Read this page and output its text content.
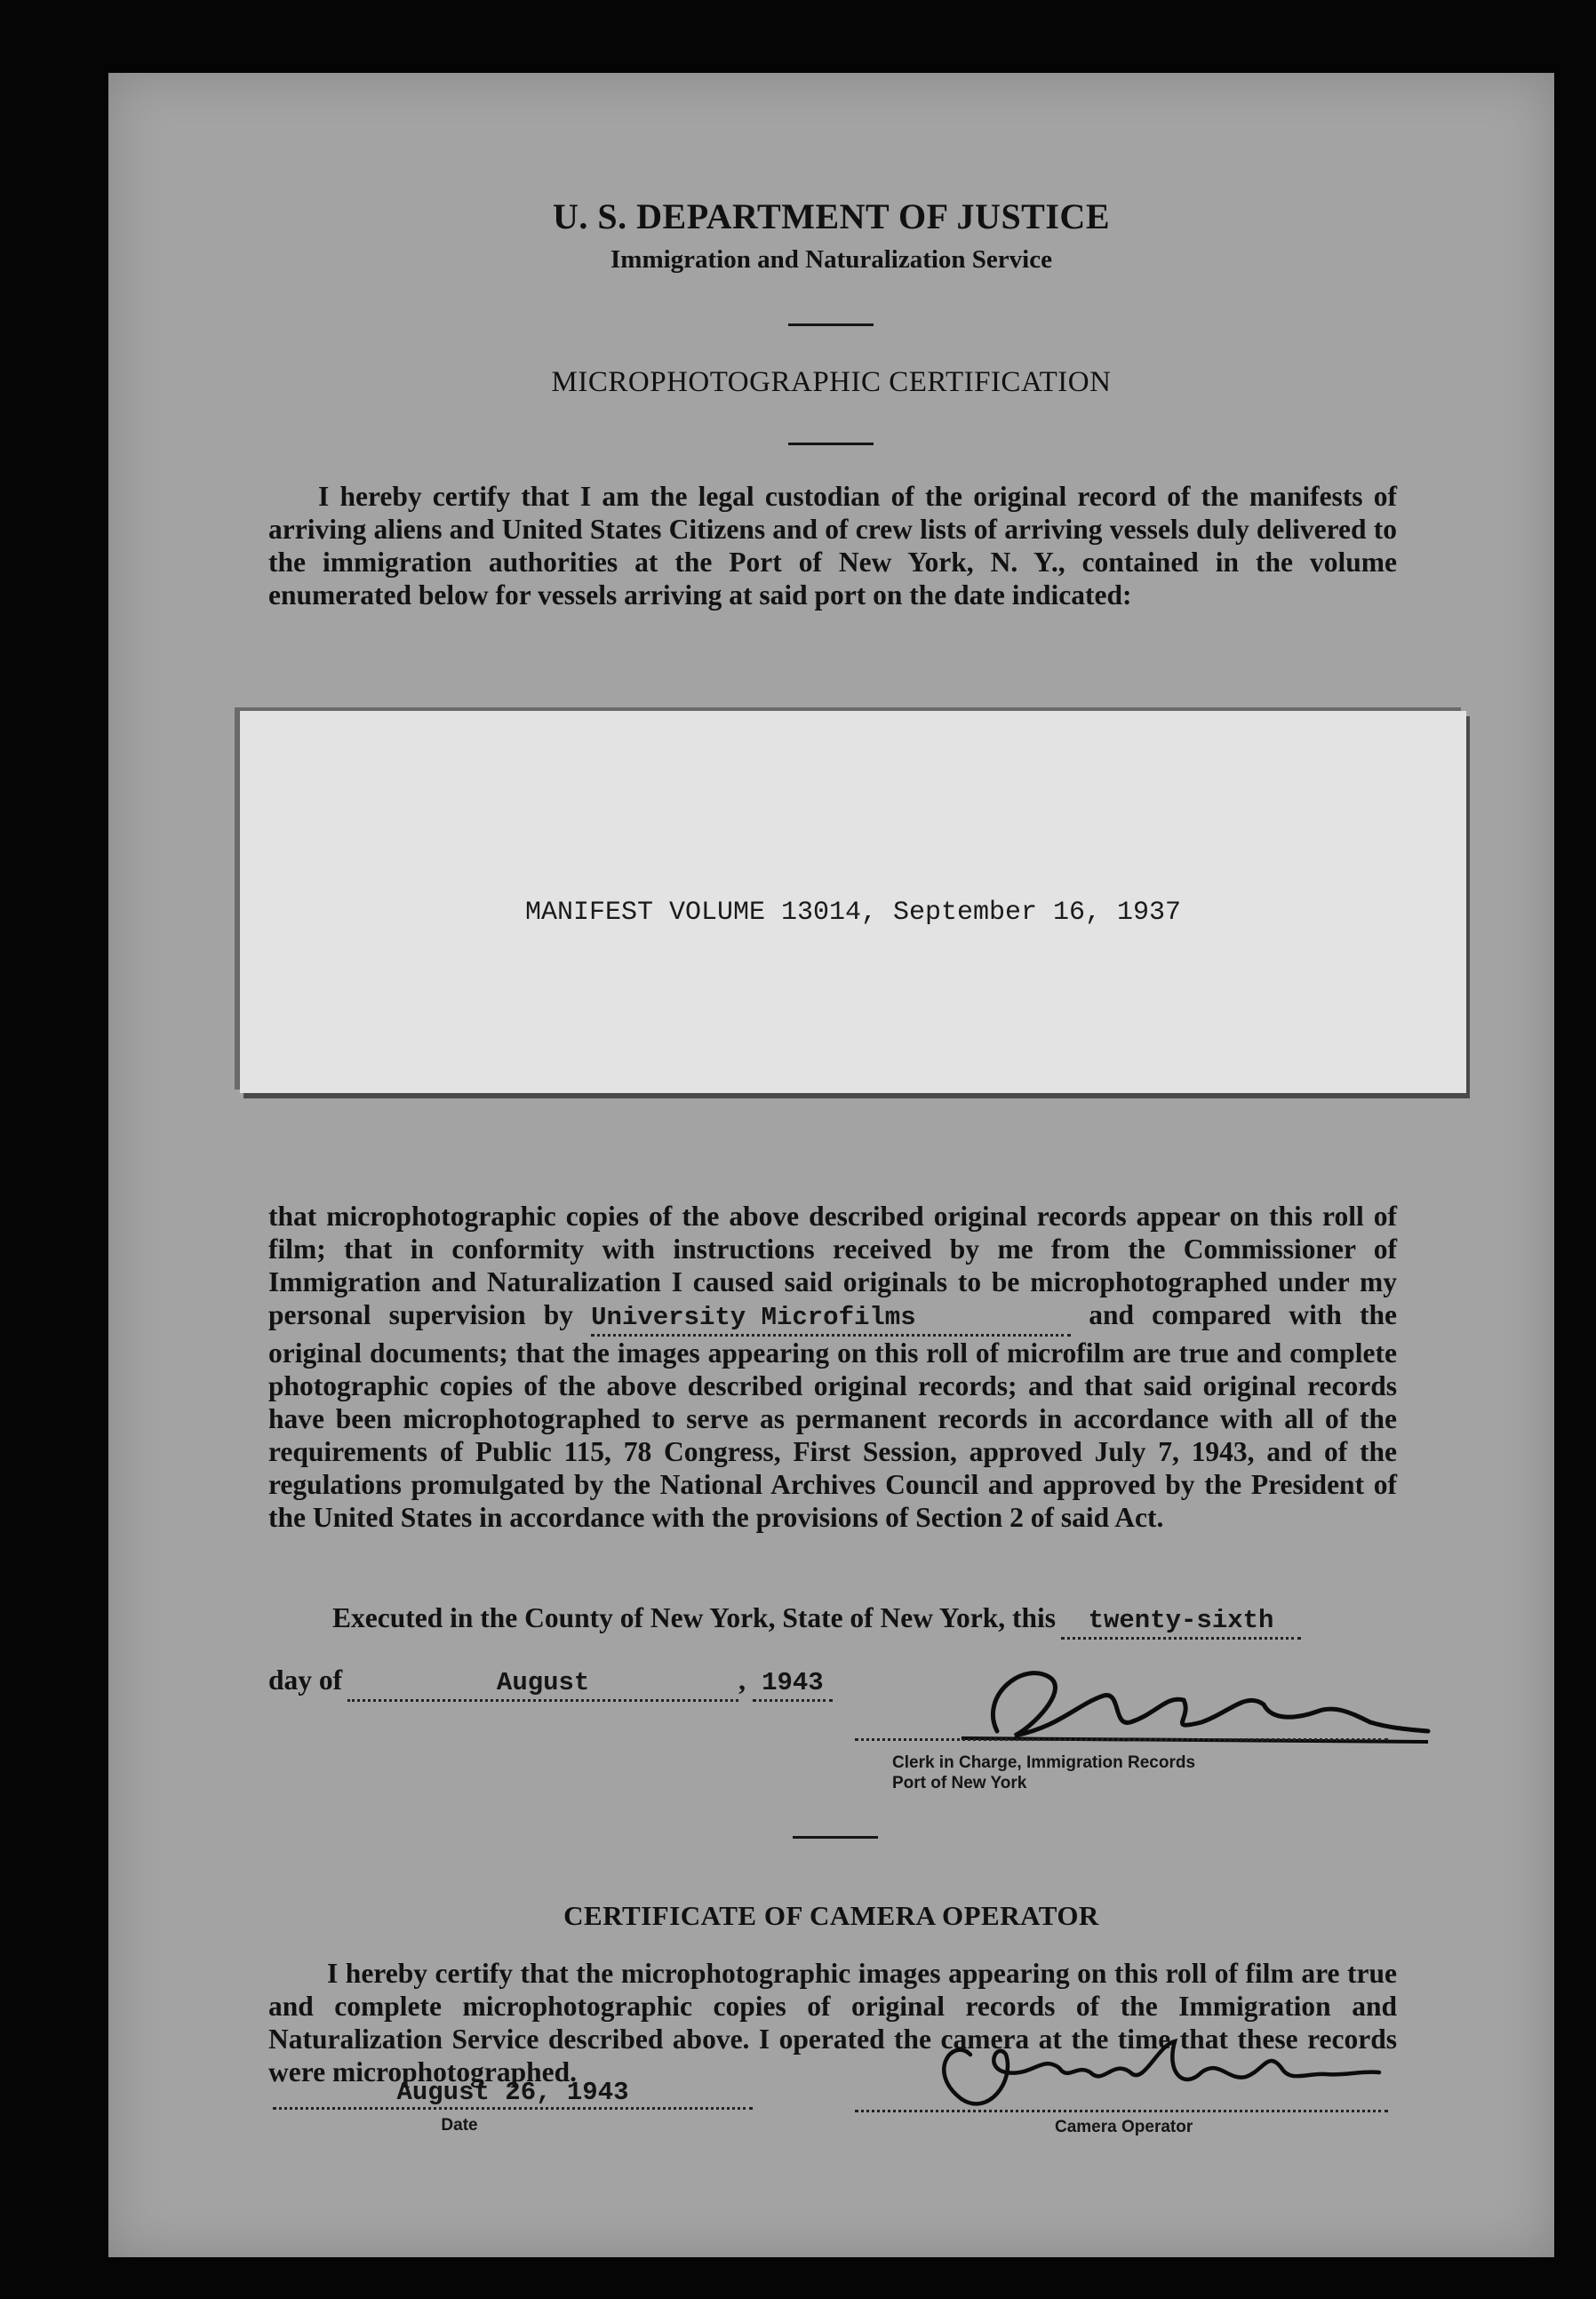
U. S. DEPARTMENT OF JUSTICE
Immigration and Naturalization Service
MICROPHOTOGRAPHIC CERTIFICATION

I hereby certify that I am the legal custodian of the original record of the manifests of arriving aliens and United States Citizens and of crew lists of arriving vessels duly delivered to the immigration authorities at the Port of New York, N. Y., contained in the volume enumerated below for vessels arriving at said port on the date indicated:

MANIFEST VOLUME 13014, September 16, 1937
that microphotographic copies of the above described original records appear on this roll of film; that in conformity with instructions received by me from the Commissioner of Immigration and Naturalization I caused said originals to be microphotographed under my personal supervision by University Microfilms	and compared with the original documents; that the images appearing on this roll of microfilm are true and complete photographic copies of the above described original records; and that said original records have been microphotographed to serve as permanent records in accordance with all of the requirements of Public 115, 78 Congress, First Session, approved July 7, 1943, and of the regulations promulgated by the National Archives Council and approved by the President of the United States in accordance with the provisions of Section 2 of said Act.
Executed in the County of New York, State of New York, this twenty-sixth
day of	August	, 1943
Clerk in Charge, Immigration Records
Port of New York
CERTIFICATE OF CAMERA OPERATOR

I hereby certify that the microphotographic images appearing on this roll of film are true and complete microphotographic copies of original records of the Immigration and Naturalization Service described above. I operated the camera at the time that these records were microphotographed.

August 26, 1943
Date	Camera Operator
